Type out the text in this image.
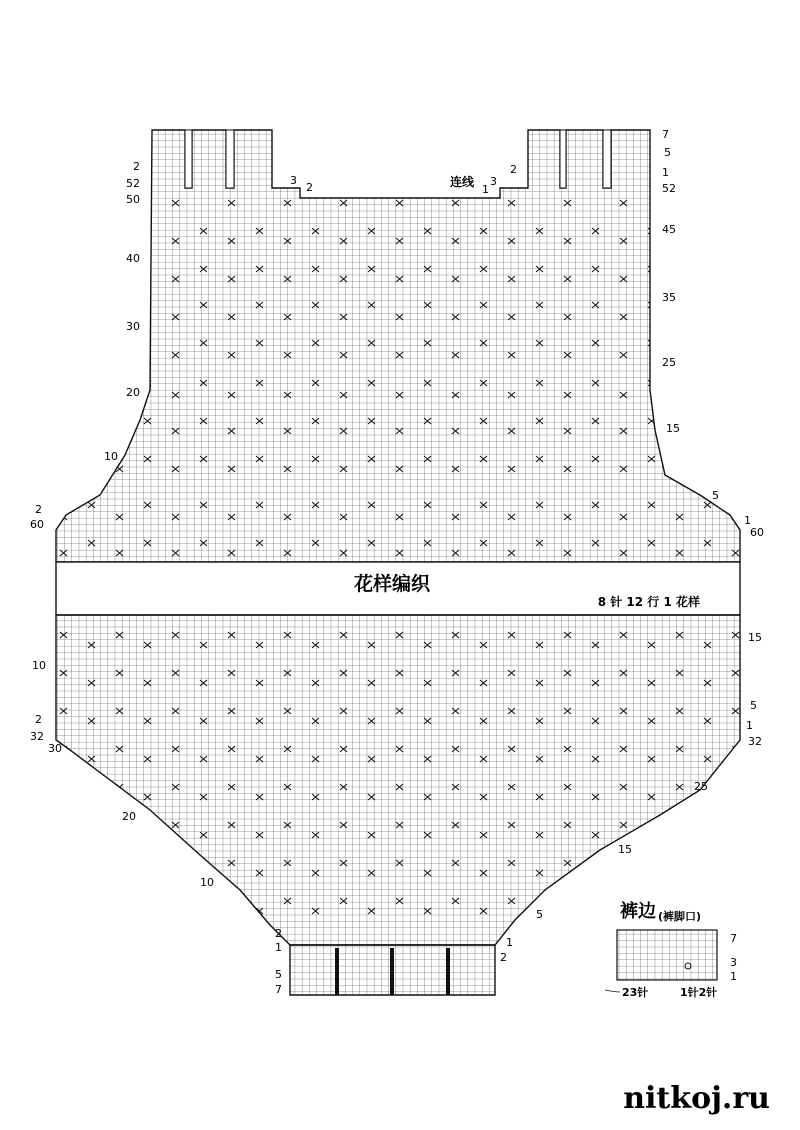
花样编织
8 针 12 行 1 花样
2
52
50
40
30
20
10
2
60
7
5
1
52
45
35
25
15
5
1
60
3
2
2
3
1
连线
10
2
32
30
20
10
2
1
5
7
15
5
1
32
25
15
5
1
2
裤边 (裤脚口)
7
3
1
23针	1针2针
nitkoj.ru
